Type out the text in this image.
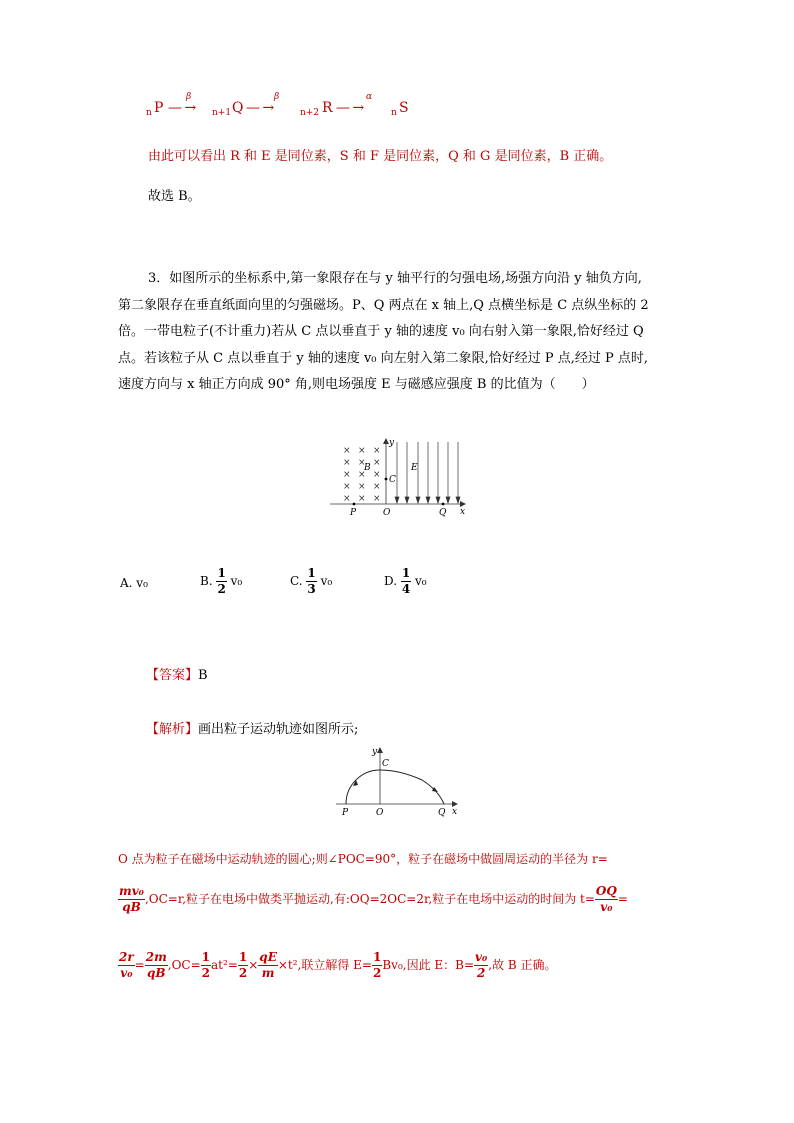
n P — →
β
n+1 Q — →
β
n+2 R — →
α
n S
由此可以看出 R 和 E 是同位素，S 和 F 是同位素，Q 和 G 是同位素，B 正确。
故选 B。

3．如图所示的坐标系中,第一象限存在与 y 轴平行的匀强电场,场强方向沿 y 轴负方向,

第二象限存在垂直纸面向里的匀强磁场。P、Q 两点在 x 轴上,Q 点横坐标是 C 点纵坐标的 2

倍。一带电粒子(不计重力)若从 C 点以垂直于 y 轴的速度 v₀ 向右射入第一象限,恰好经过 Q

点。若该粒子从 C 点以垂直于 y 轴的速度 v₀ 向左射入第二象限,恰好经过 P 点,经过 P 点时,

速度方向与 x 轴正方向成 90° 角,则电场强度 E 与磁感应强度 B 的比值为（　　）

× × ×
× × ×
× × ×
× × ×
× × ×
B
x
y
C
E
P	O	Q
A. v₀	B. $\frac{1}{2} v_0$	C. $\frac{1}{3} v_0$	D. $\frac{1}{4} v_0$
【答案】B
【解析】画出粒子运动轨迹如图所示;
x
y
C
P	O	Q
O 点为粒子在磁场中运动轨迹的圆心;则∠POC=90°，粒子在磁场中做圆周运动的半径为 r=
$\frac{\text{mv₀}}{qB} ,OC=r$,粒子在电场中做类平抛运动,有:OQ=2OC=2r,粒子在电场中运动的时间为 $t= \frac{OQ}{\text{v₀}}$ =
$\frac{2r}{\text{v₀}} = \frac{2m}{qB} ,OC= \frac{1}{2} at^2= \frac{1}{2} \times \frac{qE}{m} \times t^2$,联立解得 $E= \frac{1}{2} Bv_0$,因此 E：$B= \frac{\text{v₀}}{2}$ ,故 B 正确。
